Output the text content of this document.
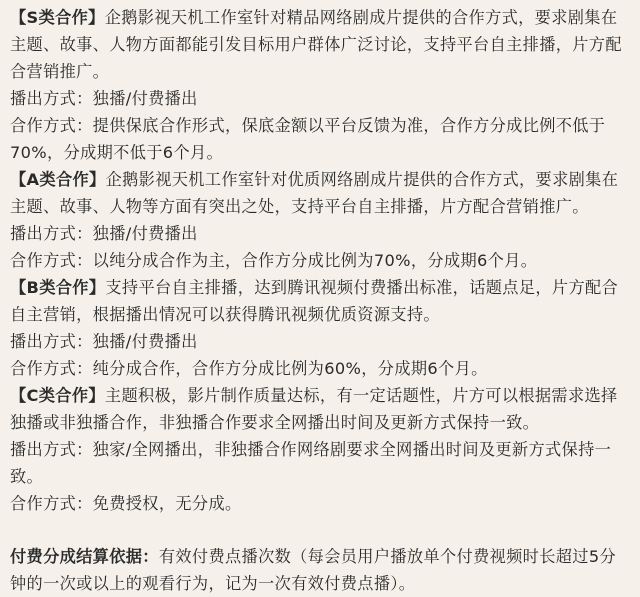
【S类合作】企鹅影视天机工作室针对精品网络剧成片提供的合作方式，要求剧集在主题、故事、人物方面都能引发目标用户群体广泛讨论，支持平台自主排播，片方配合营销推广。

播出方式：独播/付费播出

合作方式：提供保底合作形式，保底金额以平台反馈为准，合作方分成比例不低于70%，分成期不低于6个月。

【A类合作】企鹅影视天机工作室针对优质网络剧成片提供的合作方式，要求剧集在主题、故事、人物等方面有突出之处，支持平台自主排播，片方配合营销推广。

播出方式：独播/付费播出

合作方式：以纯分成合作为主，合作方分成比例为70%，分成期6个月。

【B类合作】支持平台自主排播，达到腾讯视频付费播出标准，话题点足，片方配合自主营销，根据播出情况可以获得腾讯视频优质资源支持。

播出方式：独播/付费播出

合作方式：纯分成合作，合作方分成比例为60%，分成期6个月。

【C类合作】主题积极，影片制作质量达标，有一定话题性，片方可以根据需求选择独播或非独播合作，非独播合作要求全网播出时间及更新方式保持一致。

播出方式：独家/全网播出，非独播合作网络剧要求全网播出时间及更新方式保持一致。

合作方式：免费授权，无分成。

付费分成结算依据：有效付费点播次数（每会员用户播放单个付费视频时长超过5分钟的一次或以上的观看行为，记为一次有效付费点播）。
